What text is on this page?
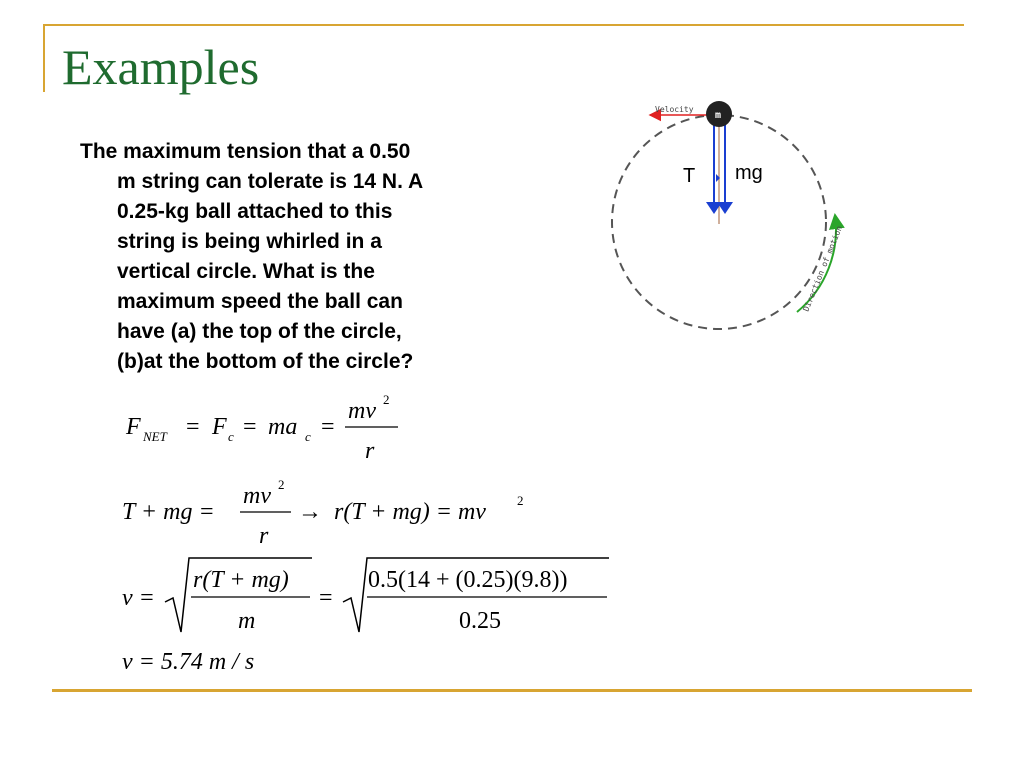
Examples
The maximum tension that a 0.50
m string can tolerate is 14 N. A
0.25-kg ball attached to this
string is being whirled in a
vertical circle. What is the
maximum speed the ball can
have (a) the top of the circle,
(b)at the bottom of the circle?
Velocity
m
T mg
Direction of motion
F NET = F c = ma c =
mv 2
r
T + mg =
mv 2
r
→ r(T + mg) = mv 2
v =
r(T + mg)
m
=
0.5(14 + (0.25)(9.8))
0.25
v = 5.74 m / s
